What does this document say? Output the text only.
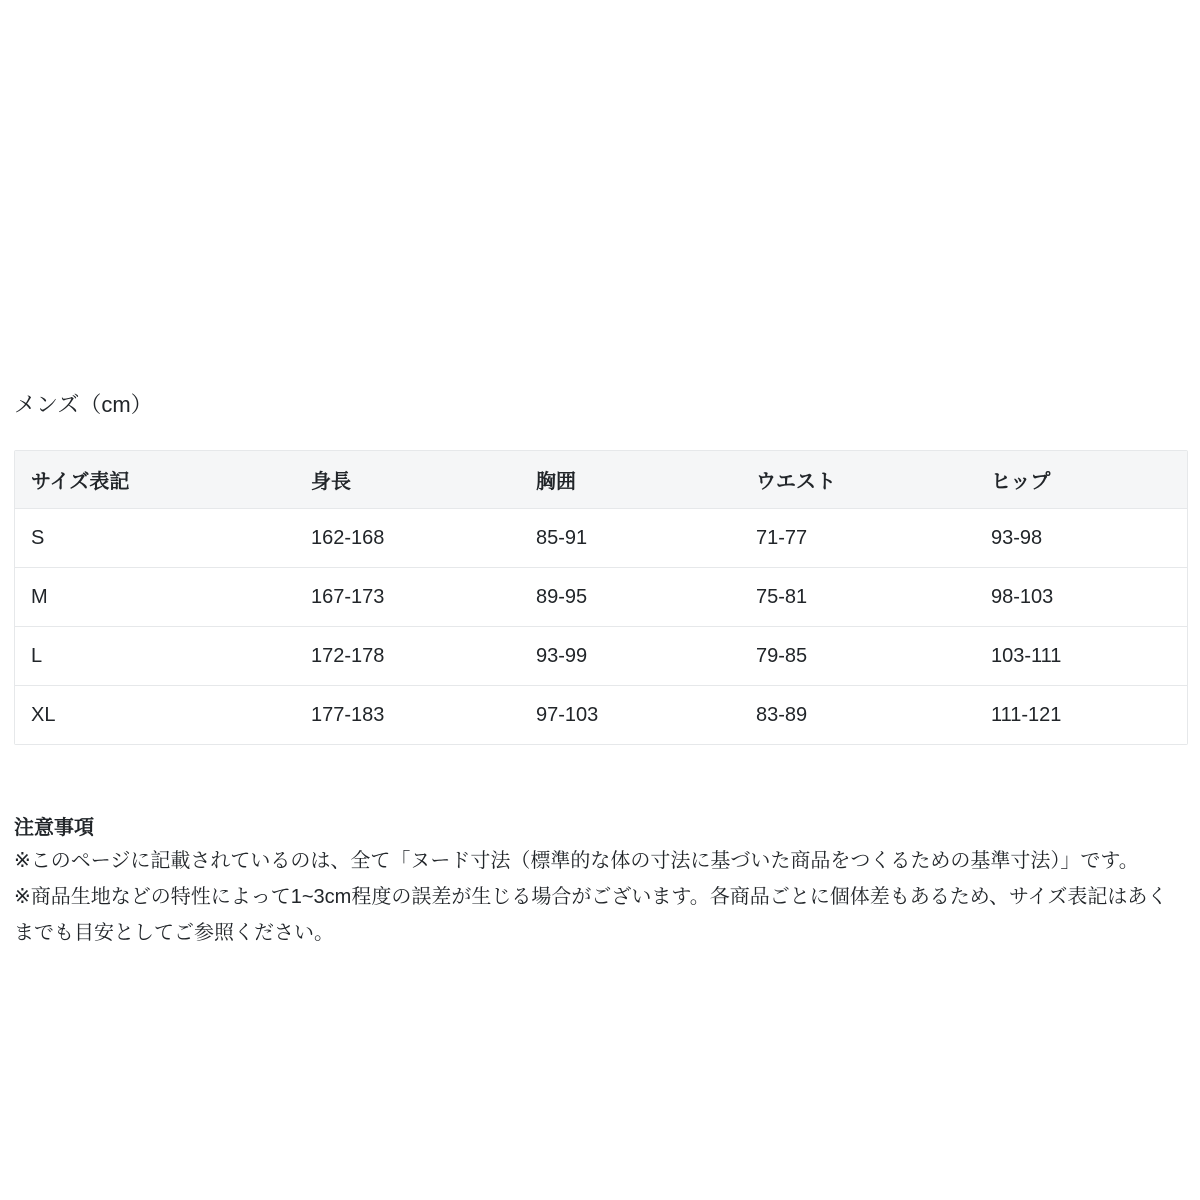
メンズ（cm）
サイズ表記	身長	胸囲	ウエスト	ヒップ
S	162-168	85-91	71-77	93-98
M	167-173	89-95	75-81	98-103
L	172-178	93-99	79-85	103-111
XL	177-183	97-103	83-89	111-121
注意事項

※このページに記載されているのは、全て「ヌード寸法（標準的な体の寸法に基づいた商品をつくるための基準寸法）」です。
※商品生地などの特性によって1~3cm程度の誤差が生じる場合がございます。各商品ごとに個体差もあるため、サイズ表記はあくまでも目安としてご参照ください。
